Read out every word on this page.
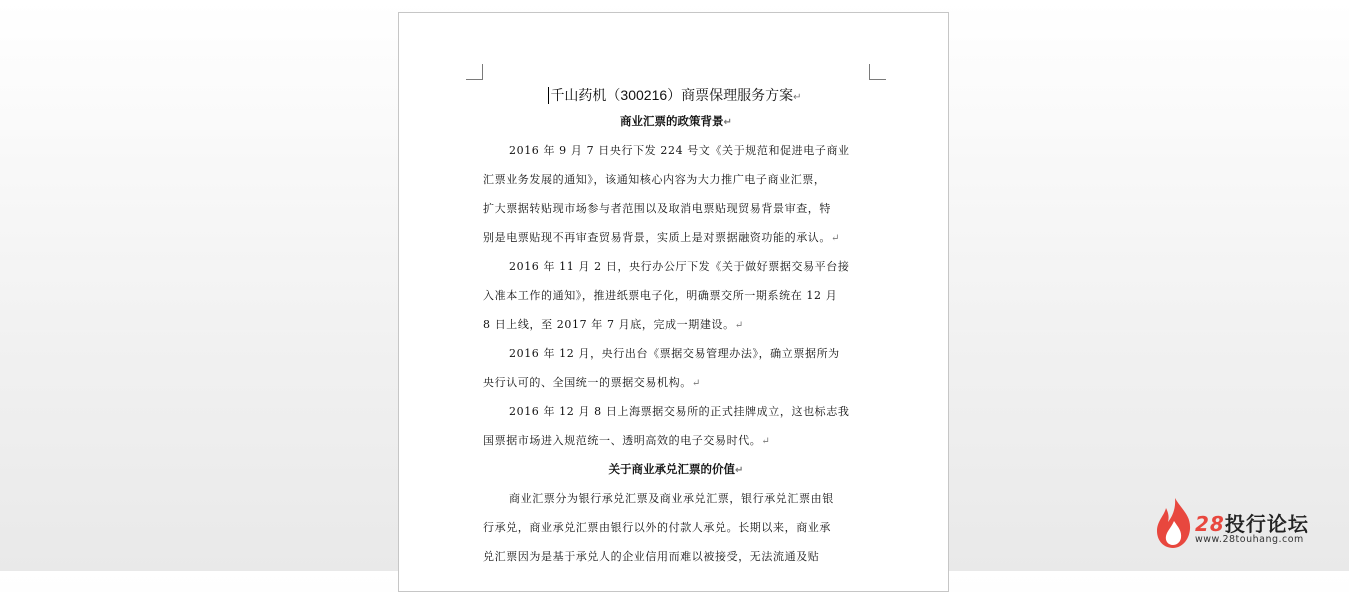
千山药机（300216）商票保理服务方案↵
商业汇票的政策背景↵
2016 年 9 月 7 日央行下发 224 号文《关于规范和促进电子商业
汇票业务发展的通知》，该通知核心内容为大力推广电子商业汇票，
扩大票据转贴现市场参与者范围以及取消电票贴现贸易背景审查，特
别是电票贴现不再审查贸易背景，实质上是对票据融资功能的承认。↵
2016 年 11 月 2 日，央行办公厅下发《关于做好票据交易平台接
入准本工作的通知》，推进纸票电子化，明确票交所一期系统在 12 月
8 日上线，至 2017 年 7 月底，完成一期建设。↵
2016 年 12 月，央行出台《票据交易管理办法》，确立票据所为
央行认可的、全国统一的票据交易机构。↵
2016 年 12 月 8 日上海票据交易所的正式挂牌成立，这也标志我
国票据市场进入规范统一、透明高效的电子交易时代。↵
关于商业承兑汇票的价值↵
商业汇票分为银行承兑汇票及商业承兑汇票，银行承兑汇票由银
行承兑，商业承兑汇票由银行以外的付款人承兑。长期以来，商业承
兑汇票因为是基于承兑人的企业信用而难以被接受，无法流通及贴
28投行论坛
www.28touhang.com
